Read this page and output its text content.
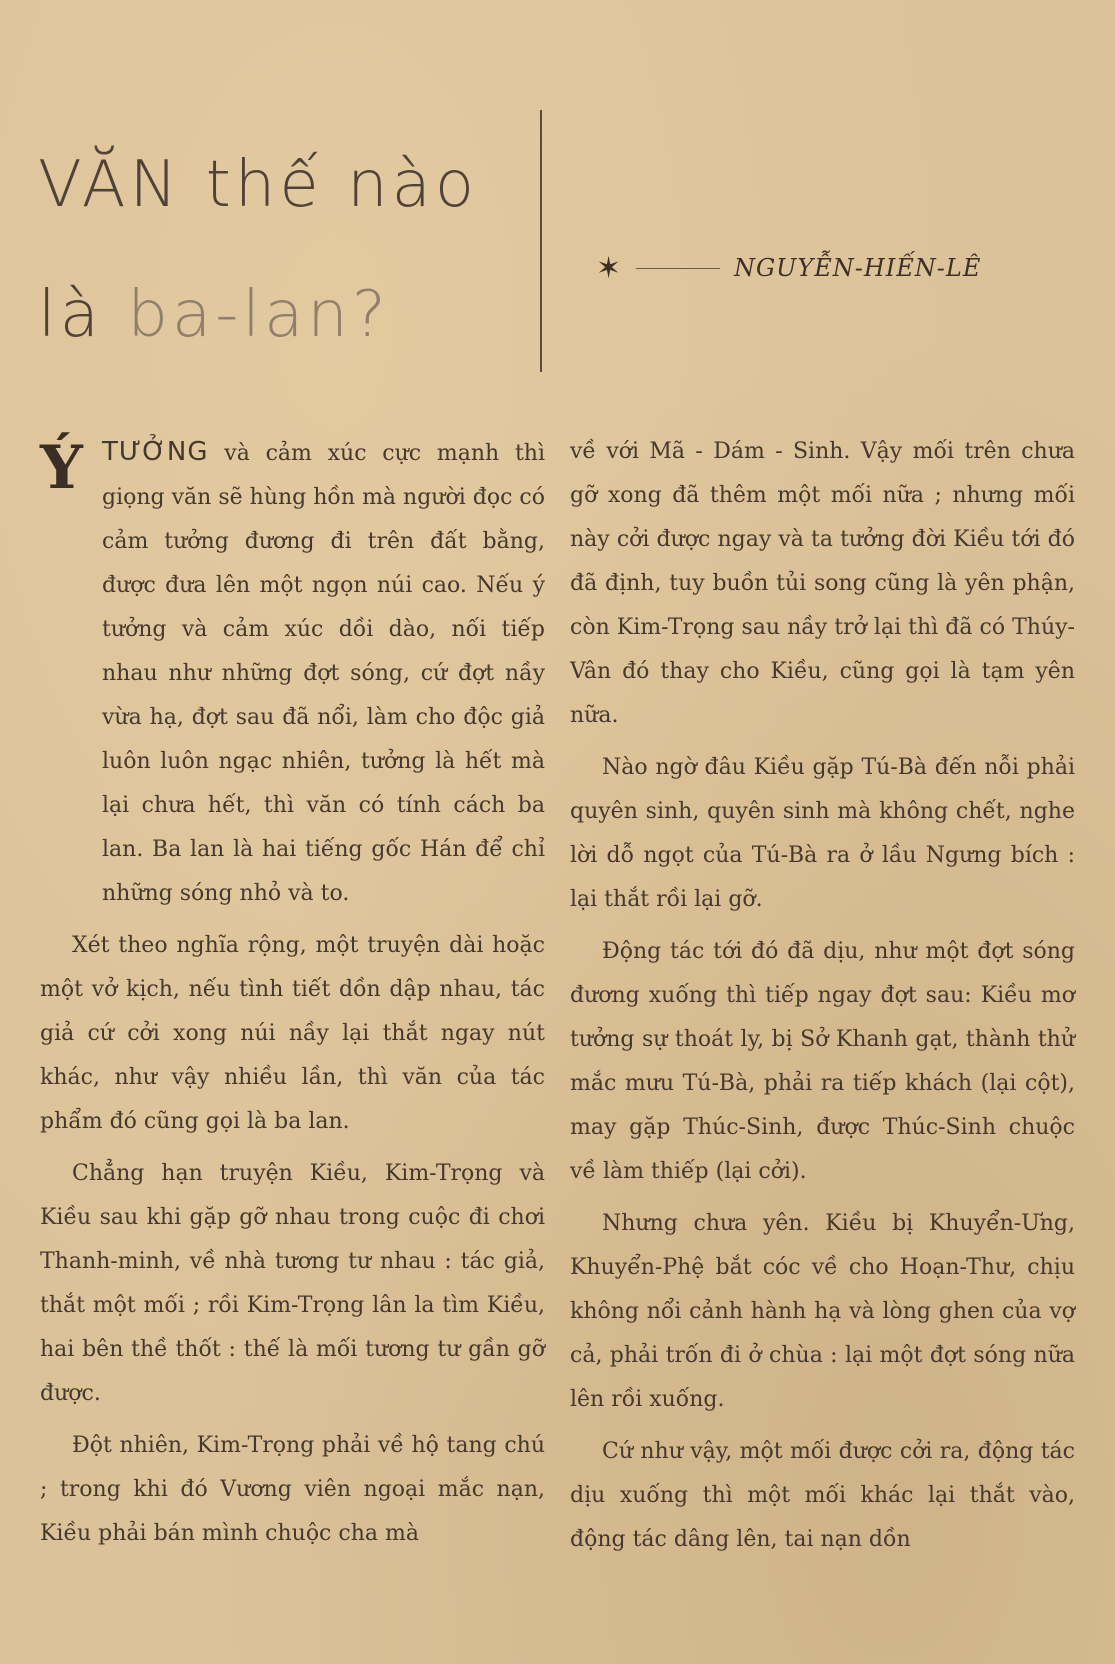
VĂN thế nào
là ba-lan?
✶	NGUYỄN-HIẾN-LÊ
Ý TƯỞNG và cảm xúc cực mạnh thì giọng văn sẽ hùng hồn mà người đọc có cảm tưởng đương đi trên đất bằng, được đưa lên một ngọn núi cao. Nếu ý tưởng và cảm xúc dồi dào, nối tiếp nhau như những đợt sóng, cứ đợt nầy vừa hạ, đợt sau đã nổi, làm cho độc giả luôn luôn ngạc nhiên, tưởng là hết mà lại chưa hết, thì văn có tính cách ba lan. Ba lan là hai tiếng gốc Hán để chỉ những sóng nhỏ và to.

Xét theo nghĩa rộng, một truyện dài hoặc một vở kịch, nếu tình tiết dồn dập nhau, tác giả cứ cởi xong núi nầy lại thắt ngay nút khác, như vậy nhiều lần, thì văn của tác phẩm đó cũng gọi là ba lan.

Chẳng hạn truyện Kiều, Kim-Trọng và Kiều sau khi gặp gỡ nhau trong cuộc đi chơi Thanh-minh, về nhà tương tư nhau : tác giả, thắt một mối ; rồi Kim-Trọng lân la tìm Kiều, hai bên thề thốt : thế là mối tương tư gần gỡ được.

Đột nhiên, Kim-Trọng phải về hộ tang chú ; trong khi đó Vương viên ngoại mắc nạn, Kiều phải bán mình chuộc cha mà

về với Mã - Dám - Sinh. Vậy mối trên chưa gỡ xong đã thêm một mối nữa ; nhưng mối này cởi được ngay và ta tưởng đời Kiều tới đó đã định, tuy buồn tủi song cũng là yên phận, còn Kim-Trọng sau nầy trở lại thì đã có Thúy-Vân đó thay cho Kiều, cũng gọi là tạm yên nữa.

Nào ngờ đâu Kiều gặp Tú-Bà đến nỗi phải quyên sinh, quyên sinh mà không chết, nghe lời dỗ ngọt của Tú-Bà ra ở lầu Ngưng bích : lại thắt rồi lại gỡ.

Động tác tới đó đã dịu, như một đợt sóng đương xuống thì tiếp ngay đợt sau: Kiều mơ tưởng sự thoát ly, bị Sở Khanh gạt, thành thử mắc mưu Tú-Bà, phải ra tiếp khách (lại cột), may gặp Thúc-Sinh, được Thúc-Sinh chuộc về làm thiếp (lại cởi).

Nhưng chưa yên. Kiều bị Khuyển-Ưng, Khuyển-Phệ bắt cóc về cho Hoạn-Thư, chịu không nổi cảnh hành hạ và lòng ghen của vợ cả, phải trốn đi ở chùa : lại một đợt sóng nữa lên rồi xuống.

Cứ như vậy, một mối được cởi ra, động tác dịu xuống thì một mối khác lại thắt vào, động tác dâng lên, tai nạn dồn
